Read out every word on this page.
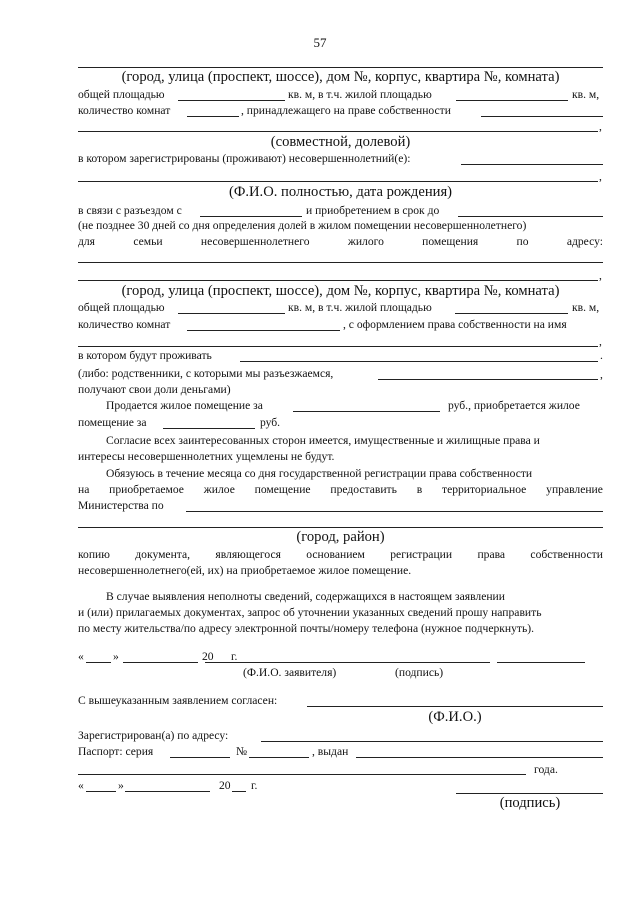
57
(город, улица (проспект, шоссе), дом №, корпус, квартира №, комната)
общей площадью	кв. м, в т.ч. жилой площадью	кв. м,
количество комнат	, принадлежащего на праве собственности
,
(совместной, долевой)
в котором зарегистрированы (проживают) несовершеннолетний(е):
,
(Ф.И.О. полностью, дата рождения)
в связи с разъездом с	и приобретением в срок до
(не позднее 30 дней со дня определения долей в жилом помещении несовершеннолетнего)
для	семьи	несовершеннолетнего	жилого	помещения	по	адресу:
,
(город, улица (проспект, шоссе), дом №, корпус, квартира №, комната)
общей площадью	кв. м, в т.ч. жилой площадью	кв. м,
количество комнат	, с оформлением права собственности на имя
,
в котором будут проживать	.
(либо: родственники, с которыми мы разъезжаемся,	,
получают свои доли деньгами)
Продается жилое помещение за	руб., приобретается жилое
помещение за	руб.
Согласие всех заинтересованных сторон имеется, имущественные и жилищные права и
интересы несовершеннолетних ущемлены не будут.
Обязуюсь в течение месяца со дня государственной регистрации права собственности
на приобретаемое жилое помещение предоставить в территориальное управление
Министерства по
(город, район)
копию документа, являющегося основанием регистрации права собственности
несовершеннолетнего(ей, их) на приобретаемое жилое помещение.
В случае выявления неполноты сведений, содержащихся в настоящем заявлении
и (или) прилагаемых документах, запрос об уточнении указанных сведений прошу направить
по месту жительства/по адресу электронной почты/номеру телефона (нужное подчеркнуть).
«	»	20 г.
(Ф.И.О. заявителя)	(подпись)
С вышеуказанным заявлением согласен:
(Ф.И.О.)
Зарегистрирован(а) по адресу:
Паспорт: серия	№	, выдан
года.
«	»	20 г.
(подпись)
